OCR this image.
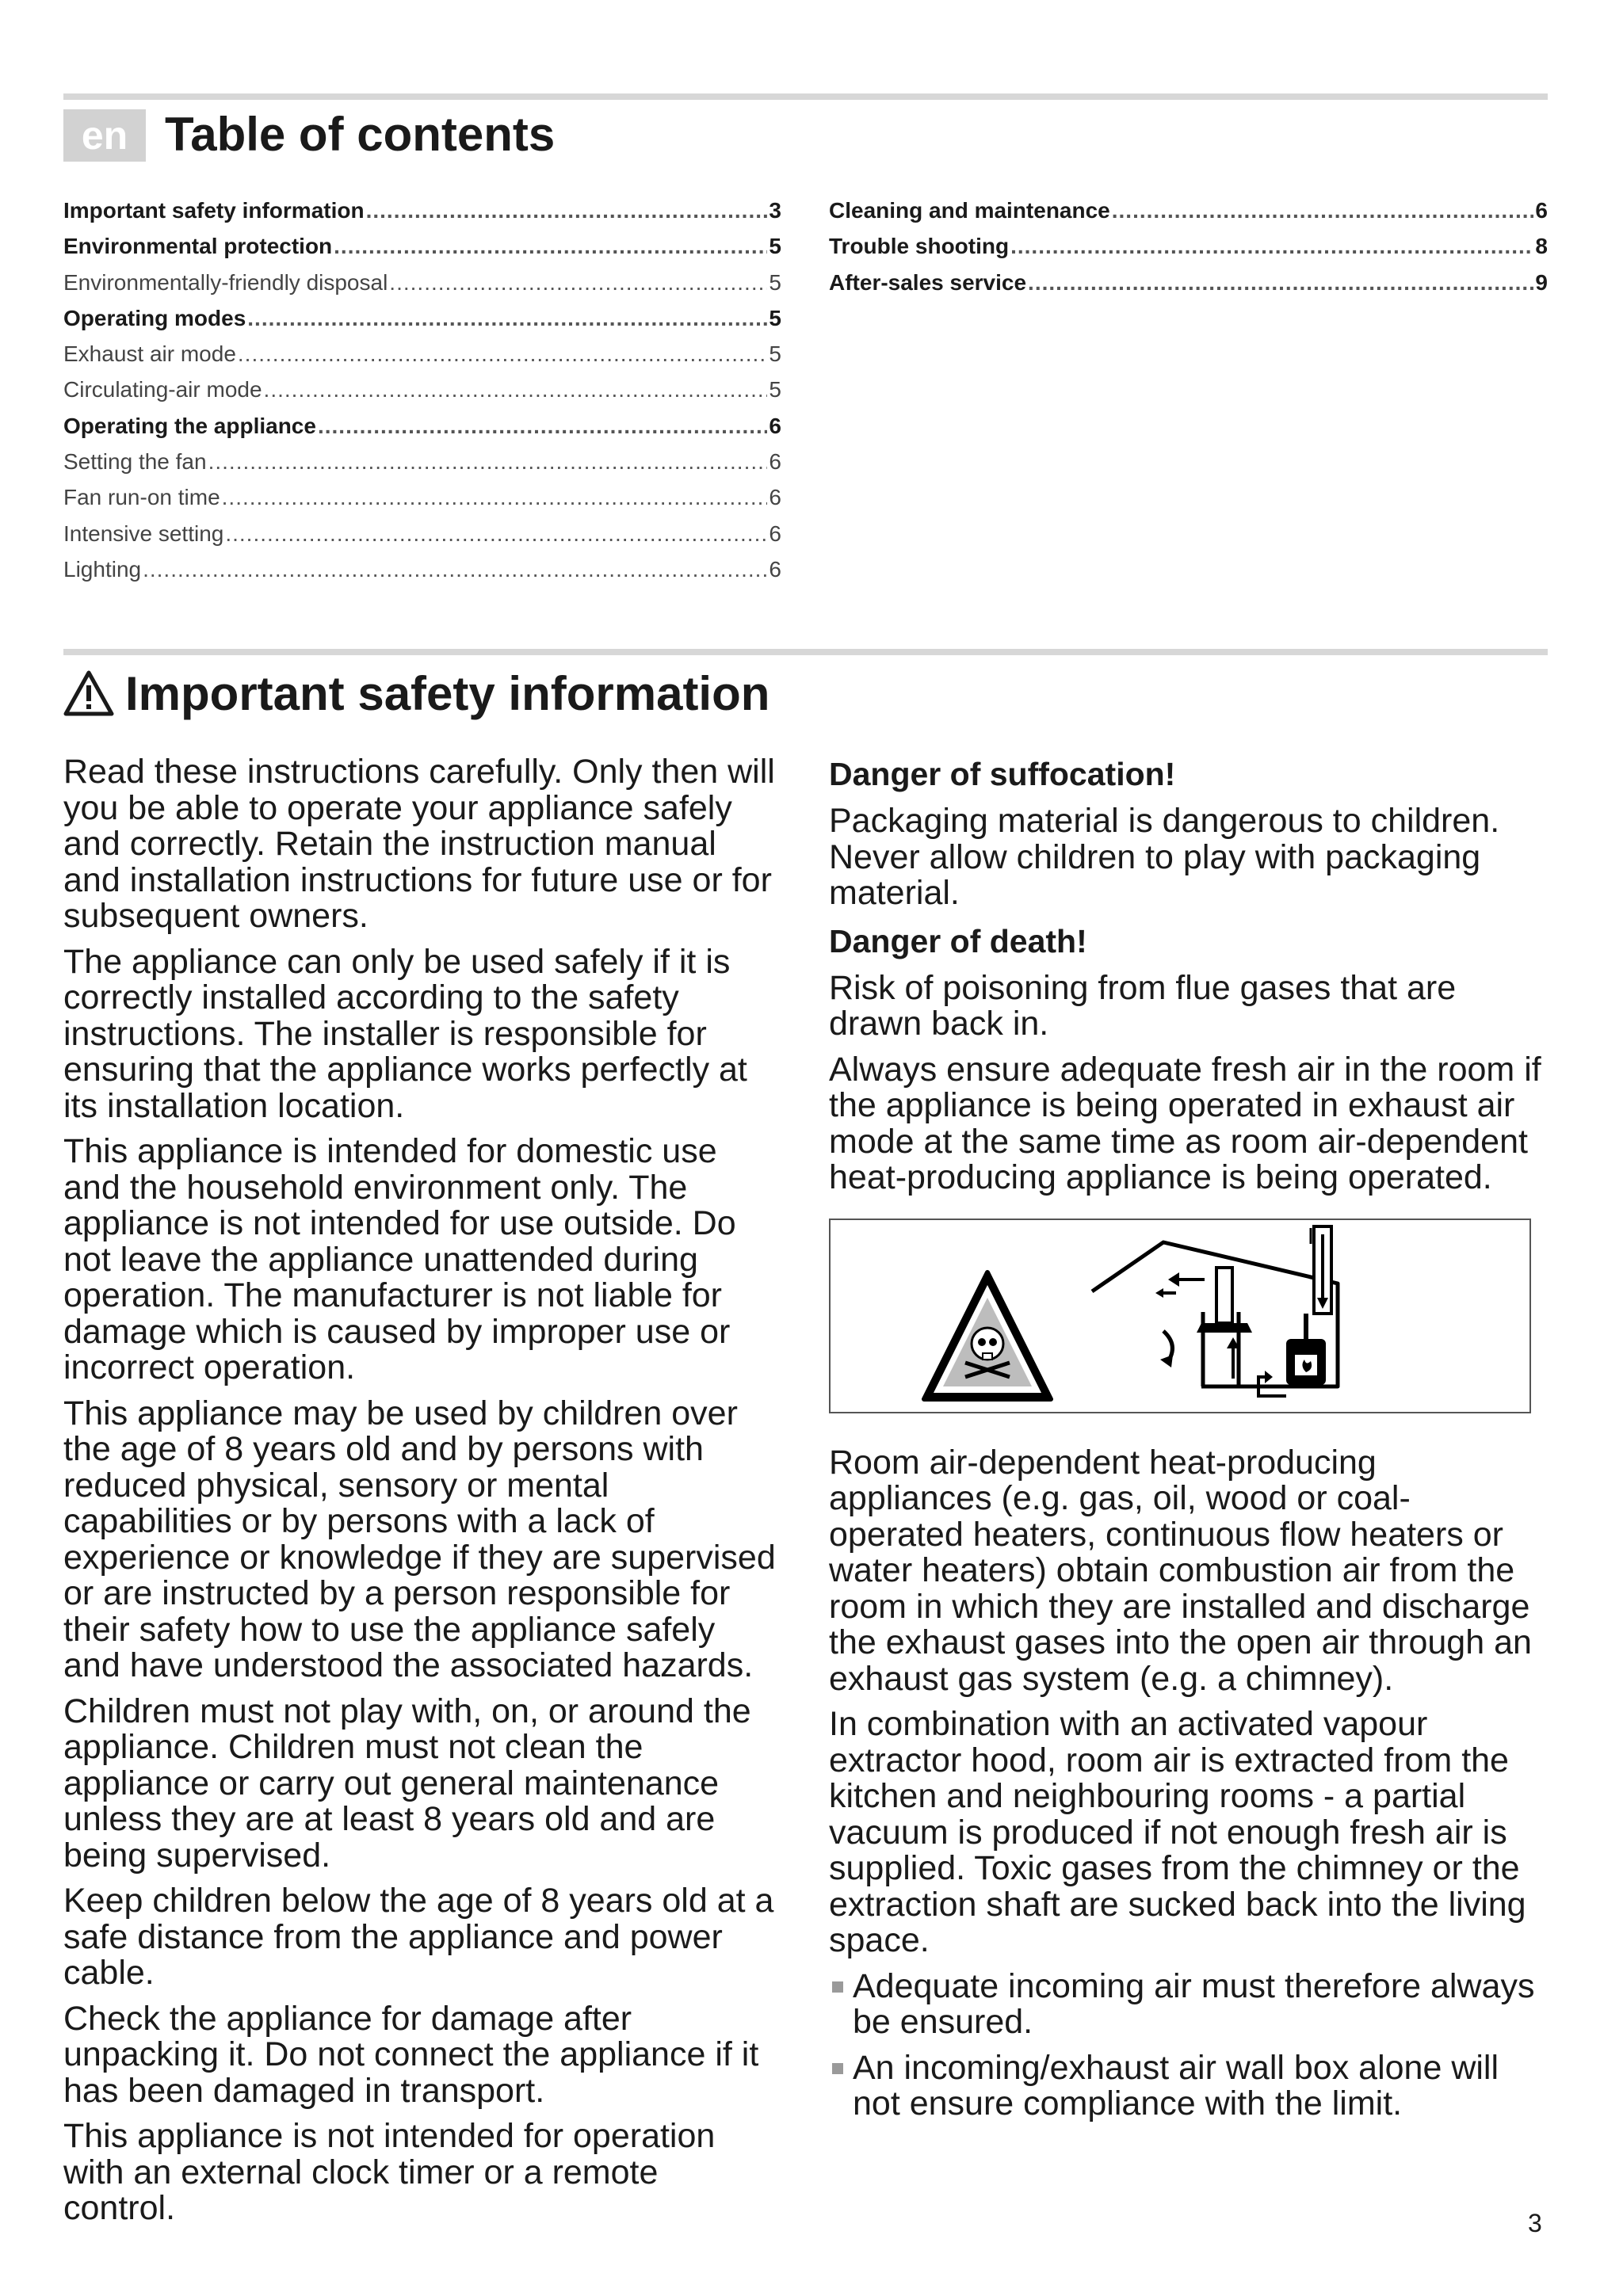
en Table of contents
Important safety information .....	3
Environmental protection .....	5
Environmentally-friendly disposal .....	5
Operating modes .....	5
Exhaust air mode .....	5
Circulating-air mode .....	5
Operating the appliance .....	6
Setting the fan .....	6
Fan run-on time .....	6
Intensive setting .....	6
Lighting .....	6
Cleaning and maintenance .....	6
Trouble shooting .....	8
After-sales service .....	9
Important safety information

Read these instructions carefully. Only then will you be able to operate your appliance safely and correctly. Retain the instruction manual and installation instructions for future use or for subsequent owners.

The appliance can only be used safely if it is correctly installed according to the safety instructions. The installer is responsible for ensuring that the appliance works perfectly at its installation location.

This appliance is intended for domestic use and the household environment only. The appliance is not intended for use outside. Do not leave the appliance unattended during operation. The manufacturer is not liable for damage which is caused by improper use or incorrect operation.

This appliance may be used by children over the age of 8 years old and by persons with reduced physical, sensory or mental capabilities or by persons with a lack of experience or knowledge if they are supervised or are instructed by a person responsible for their safety how to use the appliance safely and have understood the associated hazards.

Children must not play with, on, or around the appliance. Children must not clean the appliance or carry out general maintenance unless they are at least 8 years old and are being supervised.

Keep children below the age of 8 years old at a safe distance from the appliance and power cable.

Check the appliance for damage after unpacking it. Do not connect the appliance if it has been damaged in transport.

This appliance is not intended for operation with an external clock timer or a remote control.

Danger of suffocation!

Packaging material is dangerous to children. Never allow children to play with packaging material.

Danger of death!

Risk of poisoning from flue gases that are drawn back in.

Always ensure adequate fresh air in the room if the appliance is being operated in exhaust air mode at the same time as room air-dependent heat-producing appliance is being operated.

Room air-dependent heat-producing appliances (e.g. gas, oil, wood or coal-operated heaters, continuous flow heaters or water heaters) obtain combustion air from the room in which they are installed and discharge the exhaust gases into the open air through an exhaust gas system (e.g. a chimney).

In combination with an activated vapour extractor hood, room air is extracted from the kitchen and neighbouring rooms - a partial vacuum is produced if not enough fresh air is supplied. Toxic gases from the chimney or the extraction shaft are sucked back into the living space.

Adequate incoming air must therefore always be ensured.
An incoming/exhaust air wall box alone will not ensure compliance with the limit.
3
